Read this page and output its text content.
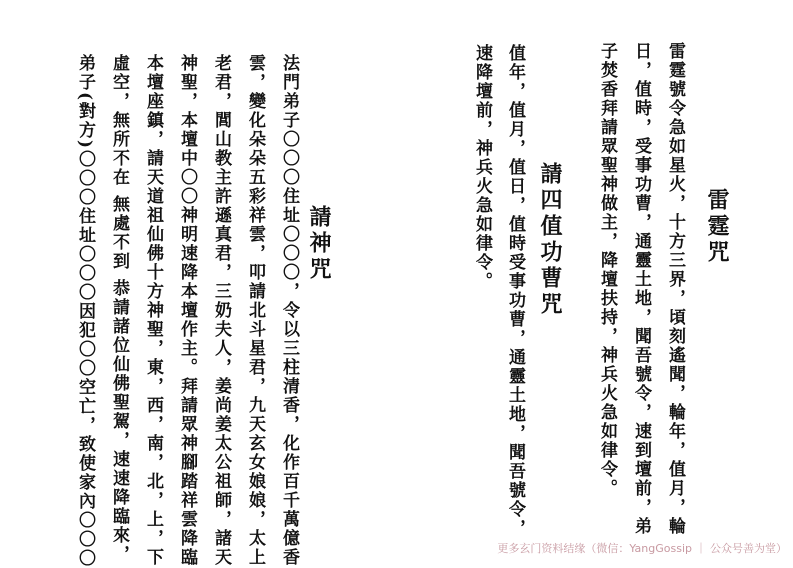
雷霆咒
雷霆號令急如星火，十方三界，頃刻遙聞，輪年，值月，輪
日，值時，受事功曹，通靈土地，聞吾號令，速到壇前，弟
子焚香拜請眾聖神做主，降壇扶持，神兵火急如律令。
請四值功曹咒
值年，值月，值日，值時受事功曹，通靈土地，聞吾號令，
速降壇前，神兵火急如律令。
請神咒
法門弟子〇〇〇住址〇〇〇，令以三柱清香，化作百千萬億香
雲，變化朵朵五彩祥雲，叩請北斗星君，九天玄女娘娘，太上
老君，閭山教主許遜真君，三奶夫人，姜尚姜太公祖師，諸天
神聖，本壇中〇〇神明速降本壇作主。拜請眾神腳踏祥雲降臨
本壇座鎮，請天道祖仙佛十方神聖，東，西，南，北，上，下
虛空，無所不在 無處不到 恭請諸位仙佛聖駕，速速降臨來，
弟子(對方)〇〇〇住址〇〇〇因犯〇〇空亡，致使家內〇〇〇	更多玄门资料结缘（微信：YangGossip ｜ 公众号善为堂）
